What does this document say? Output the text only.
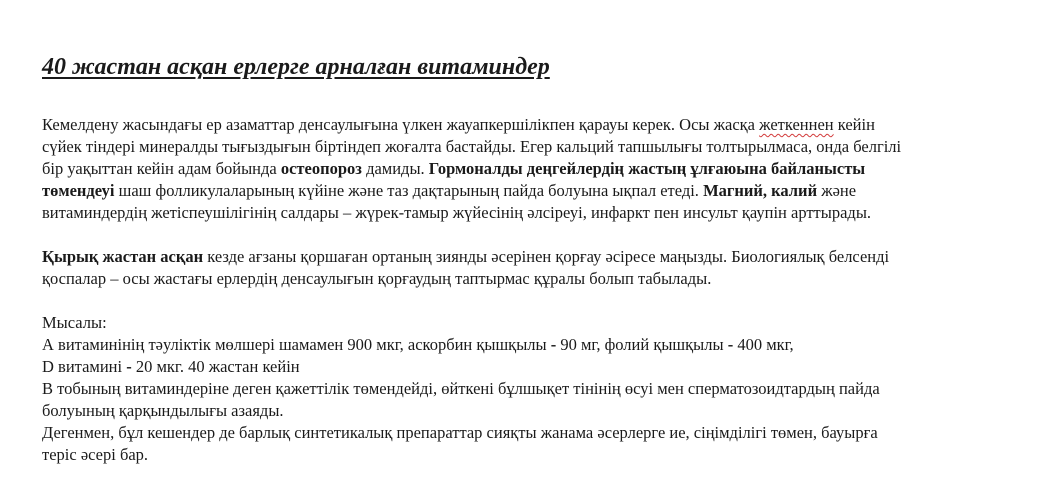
40 жастан асқан ерлерге арналған витаминдер
Кемелдену жасындағы ер азаматтар денсаулығына үлкен жауапкершілікпен қарауы керек. Осы жасқа жеткеннен кейін
сүйек тіндері минералды тығыздығын біртіндеп жоғалта бастайды. Егер кальций тапшылығы толтырылмаса, онда белгілі
бір уақыттан кейін адам бойында остеопороз дамиды. Гормоналды деңгейлердің жастың ұлғаюына байланысты
төмендеуі шаш фолликулаларының күйіне және таз дақтарының пайда болуына ықпал етеді. Магний, калий және
витаминдердің жетіспеушілігінің салдары – жүрек-тамыр жүйесінің әлсіреуі, инфаркт пен инсульт қаупін арттырады.
Қырық жастан асқан кезде ағзаны қоршаған ортаның зиянды әсерінен қорғау әсіресе маңызды. Биологиялық белсенді
қоспалар – осы жастағы ерлердің денсаулығын қорғаудың таптырмас құралы болып табылады.
Мысалы:
А витаминінің тәуліктік мөлшері шамамен 900 мкг, аскорбин қышқылы - 90 мг, фолий қышқылы - 400 мкг,
D витамині - 20 мкг. 40 жастан кейін
В тобының витаминдеріне деген қажеттілік төмендейді, өйткені бұлшықет тінінің өсуі мен сперматозоидтардың пайда
болуының қарқындылығы азаяды.
Дегенмен, бұл кешендер де барлық синтетикалық препараттар сияқты жанама әсерлерге ие, сіңімділігі төмен, бауырға
теріс әсері бар.
